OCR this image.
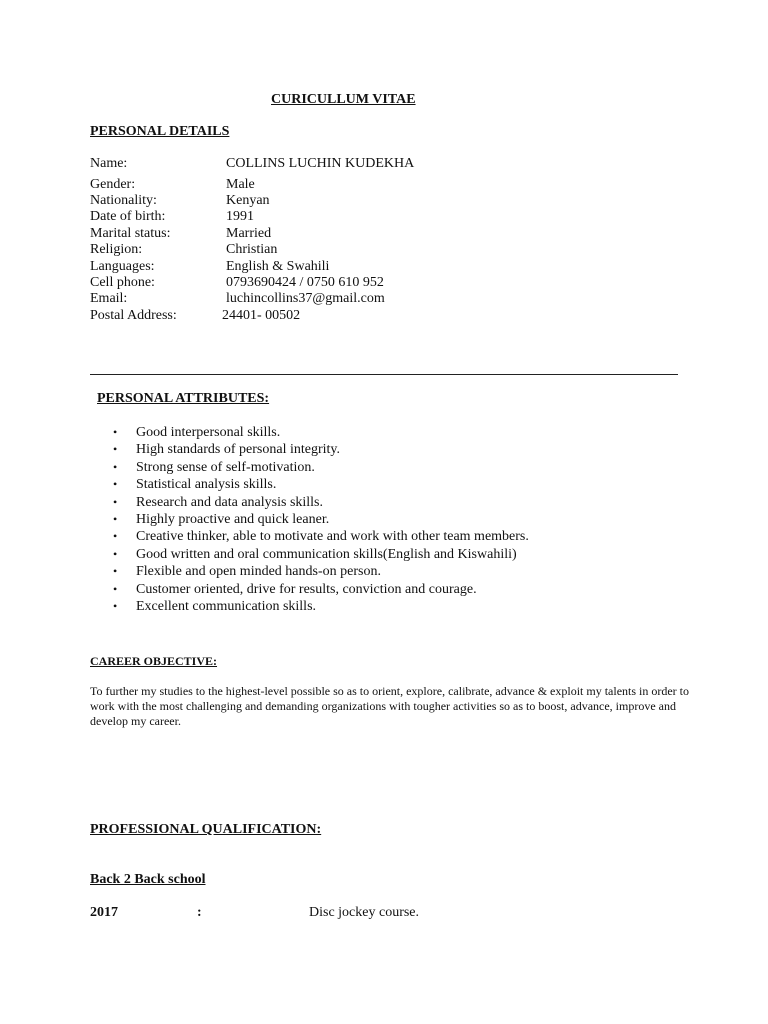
CURICULLUM VITAE
PERSONAL DETAILS
Name:	COLLINS LUCHIN KUDEKHA
Gender:	Male
Nationality:	Kenyan
Date of birth:	1991
Marital status:	Married
Religion:	Christian
Languages:	English & Swahili
Cell phone:	0793690424 / 0750 610 952
Email:	luchincollins37@gmail.com
Postal Address:	24401- 00502
PERSONAL ATTRIBUTES:
• Good interpersonal skills.
• High standards of personal integrity.
• Strong sense of self-motivation.
• Statistical analysis skills.
• Research and data analysis skills.
• Highly proactive and quick leaner.
• Creative thinker, able to motivate and work with other team members.
• Good written and oral communication skills(English and Kiswahili)
• Flexible and open minded hands-on person.
• Customer oriented, drive for results, conviction and courage.
• Excellent communication skills.
CAREER OBJECTIVE:
To further my studies to the highest-level possible so as to orient, explore, calibrate, advance & exploit my talents in order to work with the most challenging and demanding organizations with tougher activities so as to boost, advance, improve and develop my career.
PROFESSIONAL QUALIFICATION:
Back 2 Back school
2017	:	Disc jockey course.
